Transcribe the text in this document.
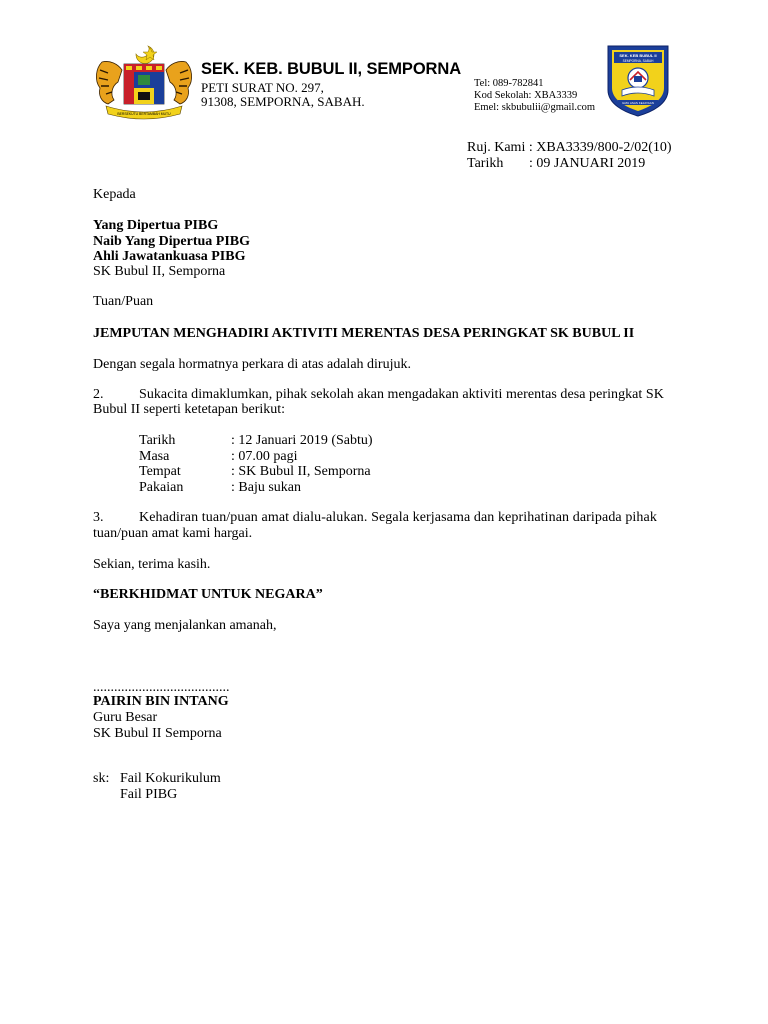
BERSEKUTU BERTAMBAH MUTU
SEK. KEB. BUBUL II, SEMPORNA
PETI SURAT NO. 297,
91308, SEMPORNA, SABAH.
Tel: 089-782841
Kod Sekolah: XBA3339
Emel: skbubulii@gmail.com
SEK. KEB BUBUL II
SEMPORNA, SABAH
ILMU ASAS KEJAYAAN
Ruj. Kami : XBA3339/800-2/02(10)
Tarikh : 09 JANUARI 2019
Kepada
Yang Dipertua PIBG
Naib Yang Dipertua PIBG
Ahli Jawatankuasa PIBG
SK Bubul II, Semporna
Tuan/Puan
JEMPUTAN MENGHADIRI AKTIVITI MERENTAS DESA PERINGKAT SK BUBUL II
Dengan segala hormatnya perkara di atas adalah dirujuk.
2.	Sukacita dimaklumkan, pihak sekolah akan mengadakan aktiviti merentas desa peringkat SK
Bubul II seperti ketetapan berikut:
Tarikh	: 12 Januari 2019 (Sabtu)
Masa	: 07.00 pagi
Tempat	: SK Bubul II, Semporna
Pakaian	: Baju sukan
3.	Kehadiran tuan/puan amat dialu-alukan. Segala kerjasama dan keprihatinan daripada pihak
tuan/puan amat kami hargai.
Sekian, terima kasih.
“BERKHIDMAT UNTUK NEGARA”
Saya yang menjalankan amanah,
.......................................
PAIRIN BIN INTANG
Guru Besar
SK Bubul II Semporna
sk: Fail Kokurikulum
Fail PIBG
